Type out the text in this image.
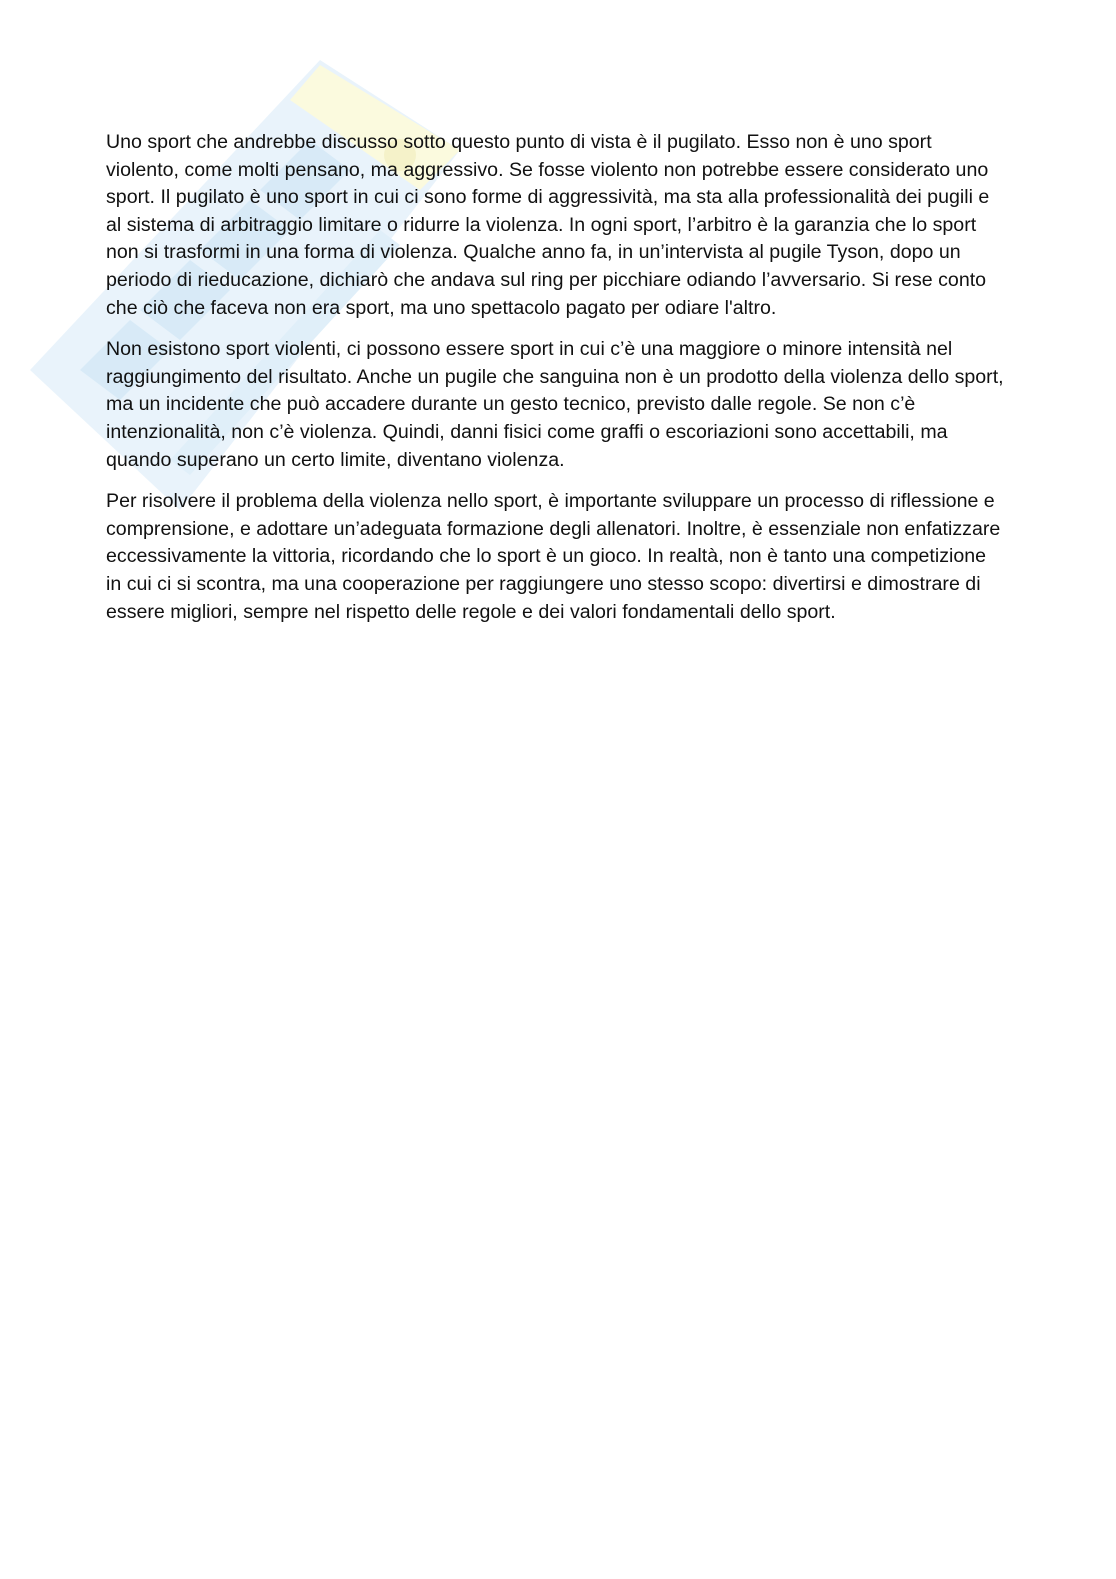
Uno sport che andrebbe discusso sotto questo punto di vista è il pugilato. Esso non è uno sport violento, come molti pensano, ma aggressivo. Se fosse violento non potrebbe essere considerato uno sport. Il pugilato è uno sport in cui ci sono forme di aggressività, ma sta alla professionalità dei pugili e al sistema di arbitraggio limitare o ridurre la violenza. In ogni sport, l’arbitro è la garanzia che lo sport non si trasformi in una forma di violenza. Qualche anno fa, in un’intervista al pugile Tyson, dopo un periodo di rieducazione, dichiarò che andava sul ring per picchiare odiando l’avversario. Si rese conto che ciò che faceva non era sport, ma uno spettacolo pagato per odiare l'altro.

Non esistono sport violenti, ci possono essere sport in cui c’è una maggiore o minore intensità nel raggiungimento del risultato. Anche un pugile che sanguina non è un prodotto della violenza dello sport, ma un incidente che può accadere durante un gesto tecnico, previsto dalle regole. Se non c’è intenzionalità, non c’è violenza. Quindi, danni fisici come graffi o escoriazioni sono accettabili, ma quando superano un certo limite, diventano violenza.

Per risolvere il problema della violenza nello sport, è importante sviluppare un processo di riflessione e comprensione, e adottare un’adeguata formazione degli allenatori. Inoltre, è essenziale non enfatizzare eccessivamente la vittoria, ricordando che lo sport è un gioco. In realtà, non è tanto una competizione in cui ci si scontra, ma una cooperazione per raggiungere uno stesso scopo: divertirsi e dimostrare di essere migliori, sempre nel rispetto delle regole e dei valori fondamentali dello sport.
